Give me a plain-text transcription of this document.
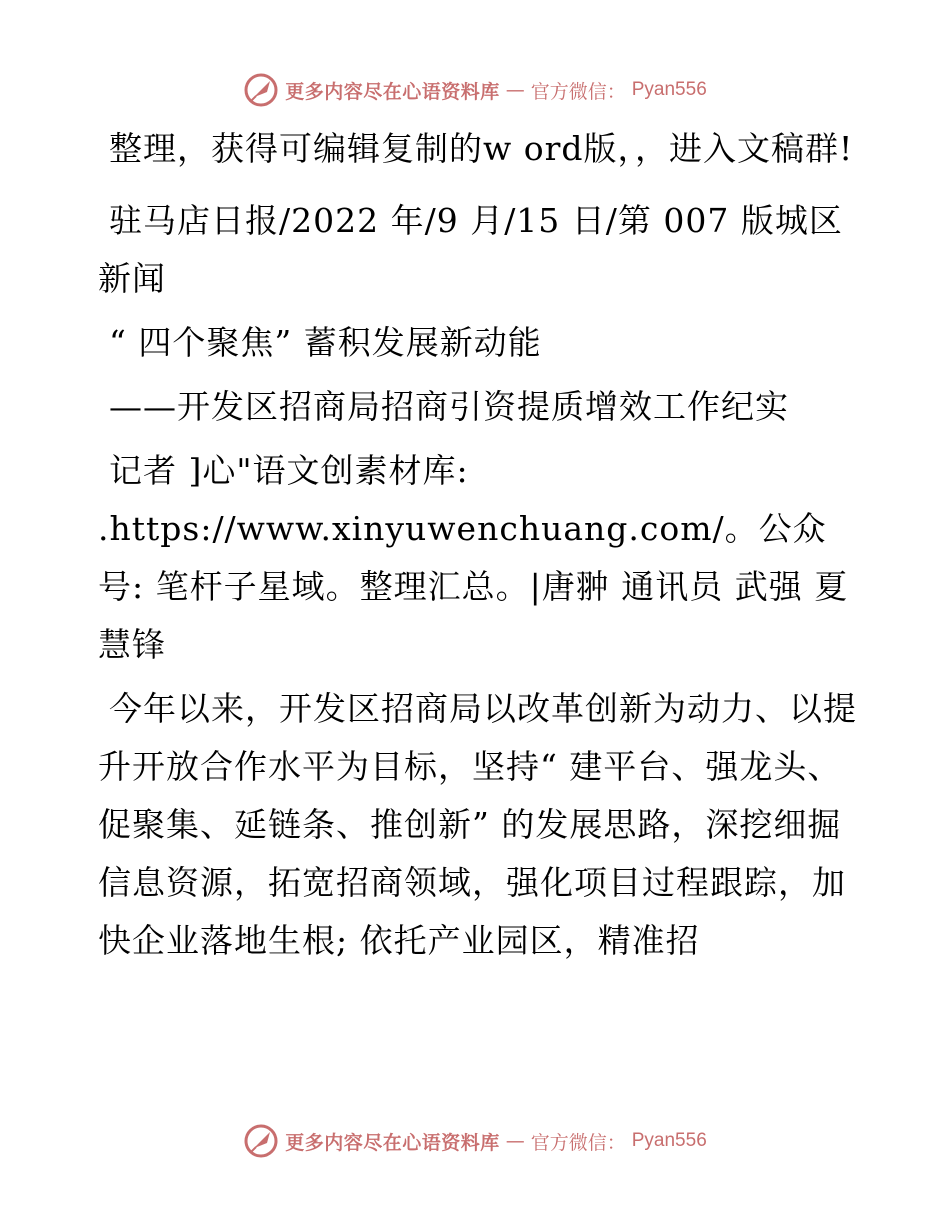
更多内容尽在心语资料库 — 官方微信： Pyan556

整理，获得可编辑复制的w ord版，，进入文稿群!

驻马店日报/2022 年/9 月/15 日/第 007 版城区新闻

“ 四个聚焦” 蓄积发展新动能

——开发区招商局招商引资提质增效工作纪实

记者 ]心"语文创素材库: .https://www.xinyuwenchuang.com/。公众号: 笔杆子星域。整理汇总。|唐翀 通讯员 武强 夏慧锋

今年以来，开发区招商局以改革创新为动力、以提升开放合作水平为目标，坚持“ 建平台、强龙头、促聚集、延链条、推创新” 的发展思路，深挖细掘信息资源，拓宽招商领域，强化项目过程跟踪，加快企业落地生根; 依托产业园区，精准招

更多内容尽在心语资料库 — 官方微信： Pyan556
